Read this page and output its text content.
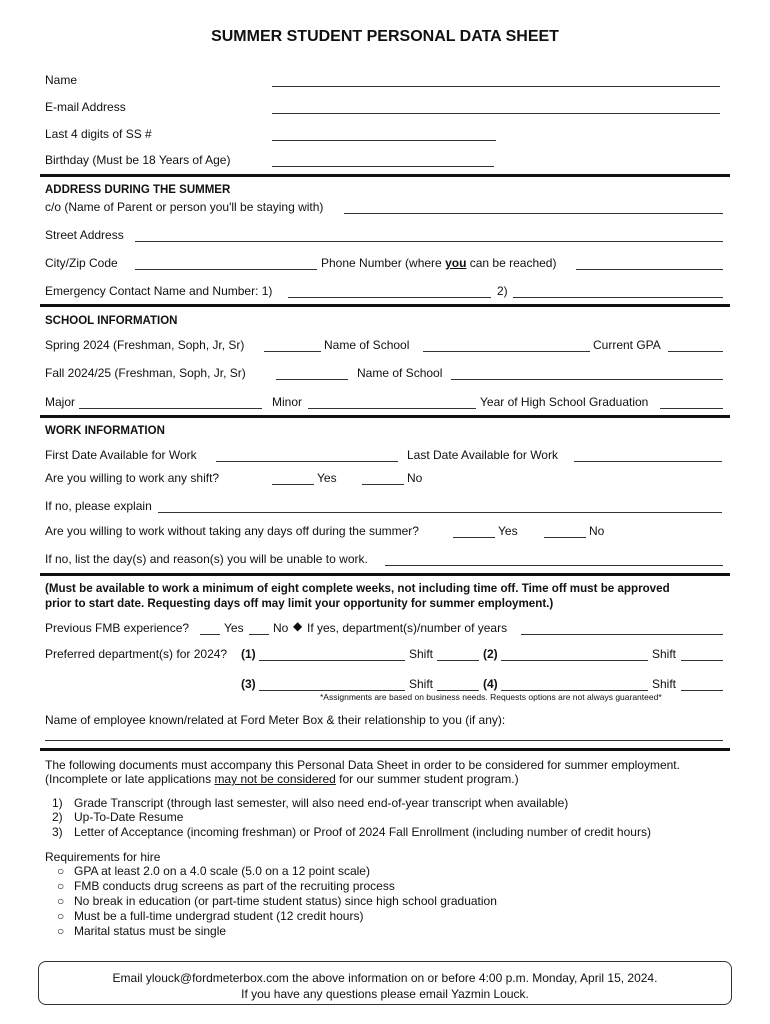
SUMMER STUDENT PERSONAL DATA SHEET
Name
E-mail Address
Last 4 digits of SS #
Birthday (Must be 18 Years of Age)
ADDRESS DURING THE SUMMER
c/o (Name of Parent or person you'll be staying with)
Street Address
City/Zip Code	Phone Number (where you can be reached)
Emergency Contact Name and Number: 1)	2)
SCHOOL INFORMATION
Spring 2024 (Freshman, Soph, Jr, Sr)	Name of School	Current GPA
Fall 2024/25 (Freshman, Soph, Jr, Sr)	Name of School
Major	Minor	Year of High School Graduation
WORK INFORMATION
First Date Available for Work	Last Date Available for Work
Are you willing to work any shift?	Yes	No
If no, please explain
Are you willing to work without taking any days off during the summer?	Yes	No
If no, list the day(s) and reason(s) you will be unable to work.
(Must be available to work a minimum of eight complete weeks, not including time off. Time off must be approved
prior to start date. Requesting days off may limit your opportunity for summer employment.)
Previous FMB experience?	Yes No ◆ If yes, department(s)/number of years
Preferred department(s) for 2024? (1)	Shift	(2)	Shift
(3)	Shift	(4)	Shift
*Assignments are based on business needs. Requests options are not always guaranteed*
Name of employee known/related at Ford Meter Box & their relationship to you (if any):
The following documents must accompany this Personal Data Sheet in order to be considered for summer employment.
(Incomplete or late applications may not be considered for our summer student program.)
1) Grade Transcript (through last semester, will also need end-of-year transcript when available)
2) Up-To-Date Resume
3) Letter of Acceptance (incoming freshman) or Proof of 2024 Fall Enrollment (including number of credit hours)
Requirements for hire
○ GPA at least 2.0 on a 4.0 scale (5.0 on a 12 point scale)
○ FMB conducts drug screens as part of the recruiting process
○ No break in education (or part-time student status) since high school graduation
○ Must be a full-time undergrad student (12 credit hours)
○ Marital status must be single
Email ylouck@fordmeterbox.com the above information on or before 4:00 p.m. Monday, April 15, 2024.
If you have any questions please email Yazmin Louck.
